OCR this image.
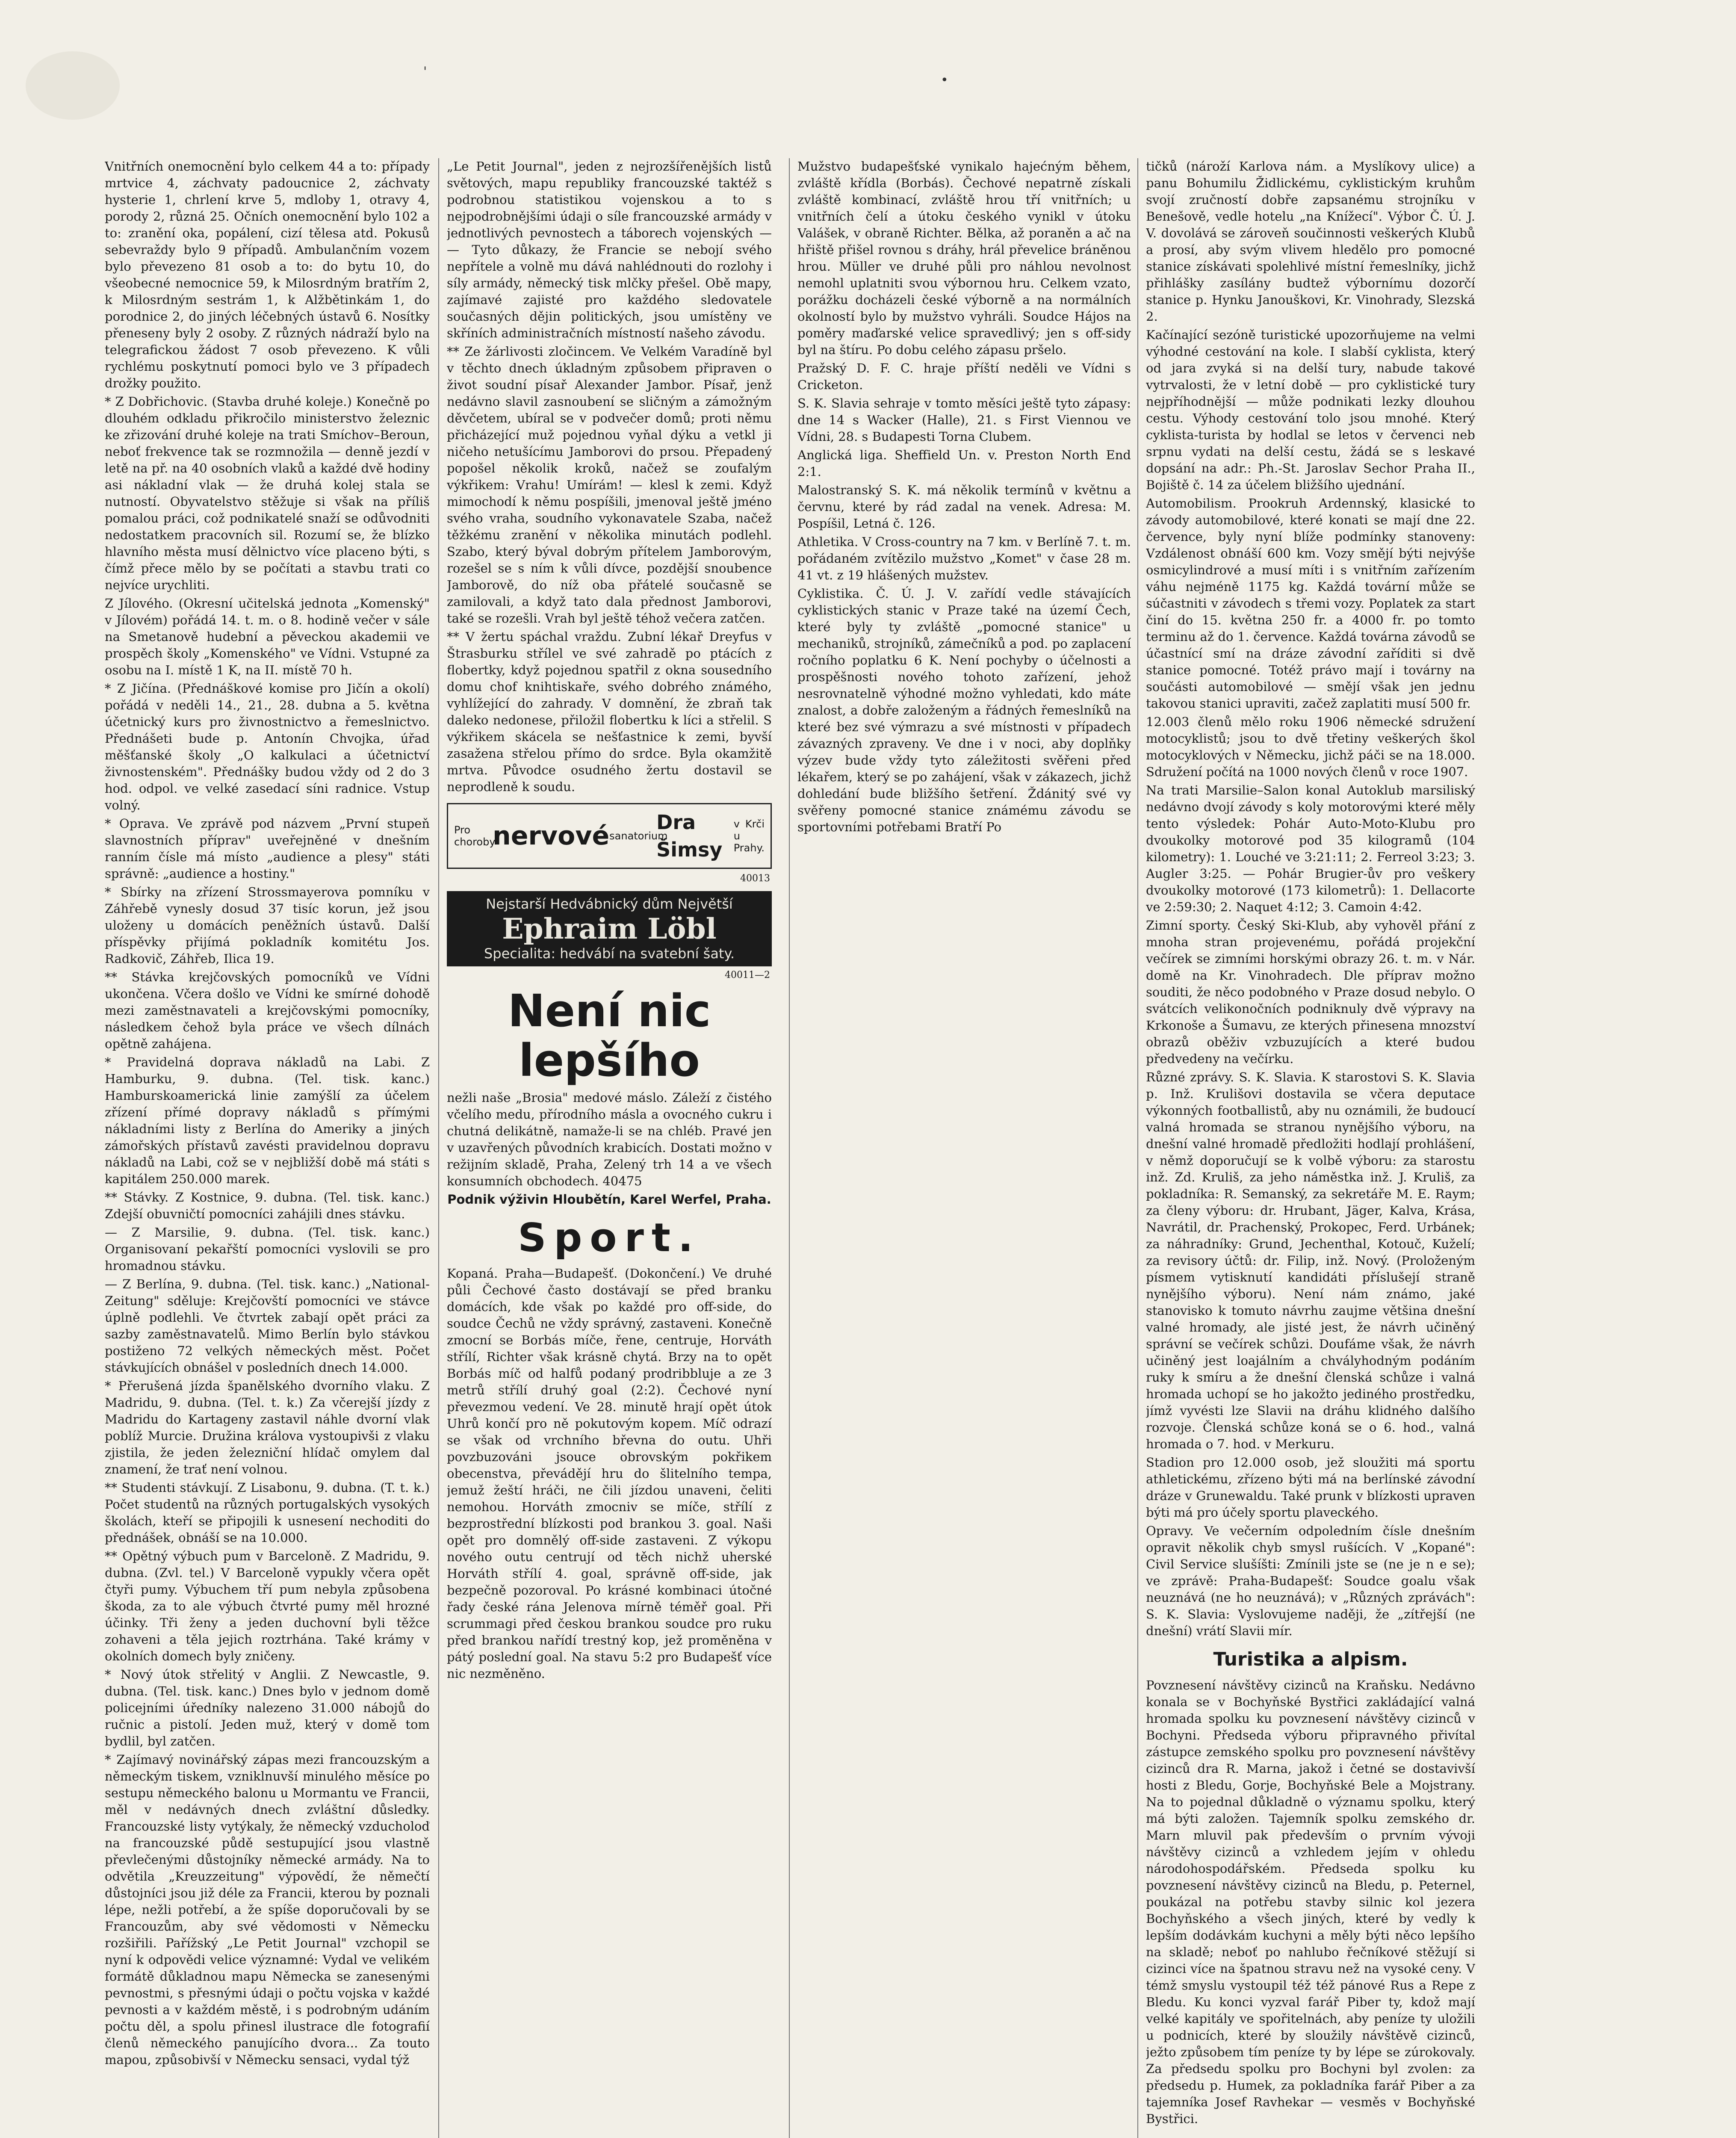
'
•

Vnitřních onemocnění bylo celkem 44 a to: případy mrtvice 4, záchvaty padoucnice 2, záchvaty hysterie 1, chrlení krve 5, mdloby 1, otravy 4, porody 2, různá 25. Očních onemocnění bylo 102 a to: zranění oka, popálení, cizí tělesa atd. Pokusů sebevraždy bylo 9 případů. Ambulančním vozem bylo převezeno 81 osob a to: do bytu 10, do všeobecné nemocnice 59, k Milosrdným bratřím 2, k Milosrdným sestrám 1, k Alžbětinkám 1, do porodnice 2, do jiných léčebných ústavů 6. Nosítky přeneseny byly 2 osoby. Z různých nádraží bylo na telegrafickou žádost 7 osob převezeno. K vůli rychlému poskytnutí pomoci bylo ve 3 případech drožky použito.

* Z Dobřichovic. (Stavba druhé koleje.) Konečně po dlouhém odkladu přikročilo ministerstvo železnic ke zřizování druhé koleje na trati Smíchov–Beroun, neboť frekvence tak se rozmnožila — denně jezdí v letě na př. na 40 osobních vlaků a každé dvě hodiny asi nákladní vlak — že druhá kolej stala se nutností. Obyvatelstvo stěžuje si však na příliš pomalou práci, což podnikatelé snaží se odůvodniti nedostatkem pracovních sil. Rozumí se, že blízko hlavního města musí dělnictvo více placeno býti, s čímž přece mělo by se počítati a stavbu trati co nejvíce urychliti.

Z Jílového. (Okresní učitelská jednota „Komenský" v Jílovém) pořádá 14. t. m. o 8. hodině večer v sále na Smetanově hudební a pěveckou akademii ve prospěch školy „Komenského" ve Vídni. Vstupné za osobu na I. místě 1 K, na II. místě 70 h.

* Z Jičína. (Přednáškové komise pro Jičín a okolí) pořádá v neděli 14., 21., 28. dubna a 5. května účetnický kurs pro živnostnictvo a řemeslnictvo. Přednášeti bude p. Antonín Chvojka, úřad měšťanské školy „O kalkulaci a účetnictví živnostenském". Přednášky budou vždy od 2 do 3 hod. odpol. ve velké zasedací síni radnice. Vstup volný.

* Oprava. Ve zprávě pod názvem „První stupeň slavnostních příprav" uveřejněné v dnešním ranním čísle má místo „audience a plesy" státi správně: „audience a hostiny."

* Sbírky na zřízení Strossmayerova pomníku v Záhřebě vynesly dosud 37 tisíc korun, jež jsou uloženy u domácích peněžních ústavů. Další příspěvky přijímá pokladník komitétu Jos. Radkovič, Záhřeb, Ilica 19.

** Stávka krejčovských pomocníků ve Vídni ukončena. Včera došlo ve Vídni ke smírné dohodě mezi zaměstnavateli a krejčovskými pomocníky, následkem čehož byla práce ve všech dílnách opětně zahájena.

* Pravidelná doprava nákladů na Labi. Z Hamburku, 9. dubna. (Tel. tisk. kanc.) Hamburskoamerická linie zamýšlí za účelem zřízení přímé dopravy nákladů s přímými nákladními listy z Berlína do Ameriky a jiných zámořských přístavů zavésti pravidelnou dopravu nákladů na Labi, což se v nejbližší době má státi s kapitálem 250.000 marek.

** Stávky. Z Kostnice, 9. dubna. (Tel. tisk. kanc.) Zdejší obuvničtí pomocníci zahájili dnes stávku.

— Z Marsilie, 9. dubna. (Tel. tisk. kanc.) Organisovaní pekařští pomocníci vyslovili se pro hromadnou stávku.

— Z Berlína, 9. dubna. (Tel. tisk. kanc.) „National-Zeitung" sděluje: Krejčovští pomocníci ve stávce úplně podlehli. Ve čtvrtek zabají opět práci za sazby zaměstnavatelů. Mimo Berlín bylo stávkou postiženo 72 velkých německých měst. Počet stávkujících obnášel v posledních dnech 14.000.

* Přerušená jízda španělského dvorního vlaku. Z Madridu, 9. dubna. (Tel. t. k.) Za včerejší jízdy z Madridu do Kartageny zastavil náhle dvorní vlak poblíž Murcie. Družina králova vystoupivši z vlaku zjistila, že jeden železniční hlídač omylem dal znamení, že trať není volnou.

** Studenti stávkují. Z Lisabonu, 9. dubna. (T. t. k.) Počet studentů na různých portugalských vysokých školách, kteří se připojili k usnesení nechoditi do přednášek, obnáší se na 10.000.

** Opětný výbuch pum v Barceloně. Z Madridu, 9. dubna. (Zvl. tel.) V Barceloně vypukly včera opět čtyři pumy. Výbuchem tří pum nebyla způsobena škoda, za to ale výbuch čtvrté pumy měl hrozné účinky. Tři ženy a jeden duchovní byli těžce zohaveni a těla jejich roztrhána. Také krámy v okolních domech byly zničeny.

* Nový útok střelitý v Anglii. Z Newcastle, 9. dubna. (Tel. tisk. kanc.) Dnes bylo v jednom domě policejními úředníky nalezeno 31.000 nábojů do ručnic a pistolí. Jeden muž, který v domě tom bydlil, byl zatčen.

* Zajímavý novinářský zápas mezi francouzským a německým tiskem, vzniklnuvší minulého měsíce po sestupu německého balonu u Mormantu ve Francii, měl v nedávných dnech zvláštní důsledky. Francouzské listy vytýkaly, že německý vzducholoď na francouzské půdě sestupující jsou vlastně převlečenými důstojníky německé armády. Na to odvětila „Kreuzzeitung" výpovědí, že němečtí důstojníci jsou již déle za Francii, kterou by poznali lépe, nežli potřebí, a že spíše doporučovali by se Francouzům, aby své vědomosti v Německu rozšiřili. Pařížský „Le Petit Journal" vzchopil se nyní k odpovědi velice významné: Vydal ve velikém formátě důkladnou mapu Německa se zanesenými pevnostmi, s přesnými údaji o počtu vojska v každé pevnosti a v každém městě, i s podrobným udáním počtu děl, a spolu přinesl ilustrace dle fotografií členů německého panujícího dvora... Za touto mapou, způsobivší v Německu sensaci, vydal týž

„Le Petit Journal", jeden z nejrozšířenějších listů světových, mapu republiky francouzské taktéž s podrobnou statistikou vojenskou a to s nejpodrobnějšími údaji o síle francouzské armády v jednotlivých pevnostech a táborech vojenských — — Tyto důkazy, že Francie se nebojí svého nepřítele a volně mu dává nahlédnouti do rozlohy i síly armády, německý tisk mlčky přešel. Obě mapy, zajímavé zajisté pro každého sledovatele současných dějin politických, jsou umístěny ve skříních administračních místností našeho závodu.

** Ze žárlivosti zločincem. Ve Velkém Varadíně byl v těchto dnech úkladným způsobem připraven o život soudní písař Alexander Jambor. Písař, jenž nedávno slavil zasnoubení se sličným a zámožným děvčetem, ubíral se v podvečer domů; proti němu přicházející muž pojednou vyňal dýku a vetkl ji ničeho netušícímu Jamborovi do prsou. Přepadený popošel několik kroků, načež se zoufalým výkřikem: Vrahu! Umírám! — klesl k zemi. Když mimochodí k němu pospíšili, jmenoval ještě jméno svého vraha, soudního vykonavatele Szaba, načež těžkému zranění v několika minutách podlehl. Szabo, který býval dobrým přítelem Jamborovým, rozešel se s ním k vůli dívce, pozdější snoubence Jamborově, do níž oba přátelé současně se zamilovali, a když tato dala přednost Jamborovi, také se rozešli. Vrah byl ještě téhož večera zatčen.

** V žertu spáchal vraždu. Zubní lékař Dreyfus v Štrasburku střílel ve své zahradě po ptácích z flobertky, když pojednou spatřil z okna sousedního domu chof knihtiskaře, svého dobrého známého, vyhlížející do zahrady. V domnění, že zbraň tak daleko nedonese, přiložil flobertku k líci a střelil. S výkřikem skácela se nešťastnice k zemi, byvší zasažena střelou přímo do srdce. Byla okamžitě mrtva. Původce osudného žertu dostavil se neprodleně k soudu.

Pro choroby
nervové sanatorium
Dra Šimsy
v Krči u Prahy.
40013
Nejstarší Hedvábnický dům Největší
Ephraim Löbl
Specialita: hedvábí na svatební šaty.
40011—2
Není nic lepšího

nežli naše „Brosia" medové máslo. Záleží z čistého včelího medu, přírodního másla a ovocného cukru i chutná delikátně, namaže-li se na chléb. Pravé jen v uzavřených původních krabicích. Dostati možno v režijním skladě, Praha, Zelený trh 14 a ve všech konsumních obchodech. 40475

Podnik výživin Hloubětín, Karel Werfel, Praha.

Sport.

Kopaná. Praha—Budapešť. (Dokončení.) Ve druhé půli Čechové často dostávají se před branku domácích, kde však po každé pro off-side, do soudce Čechů ne vždy správný, zastaveni. Konečně zmocní se Borbás míče, řene, centruje, Horváth střílí, Richter však krásně chytá. Brzy na to opět Borbás míč od halfů podaný prodribbluje a ze 3 metrů střílí druhý goal (2:2). Čechové nyní převezmou vedení. Ve 28. minutě hrají opět útok Uhrů končí pro ně pokutovým kopem. Míč odrazí se však od vrchního břevna do outu. Uhři povzbuzováni jsouce obrovským pokřikem obecenstva, převádějí hru do šlitelního tempa, jemuž žeští hráči, ne čili jízdou unaveni, čeliti nemohou. Horváth zmocniv se míče, střílí z bezprostřední blízkosti pod brankou 3. goal. Naši opět pro domnělý off-side zastaveni. Z výkopu nového outu centrují od těch nichž uherské Horváth střílí 4. goal, správně off-side, jak bezpečně pozoroval. Po krásné kombinaci útočné řady české rána Jelenova mírně téměř goal. Při scrummagi před českou brankou soudce pro ruku před brankou nařídí trestný kop, jež proměněna v pátý poslední goal. Na stavu 5:2 pro Budapešť více nic nezměněno.

Mužstvo budapešťské vynikalo hajećným během, zvláště křídla (Borbás). Čechové nepatrně získali zvláště kombinací, zvláště hrou tří vnitřních; u vnitřních čelí a útoku českého vynikl v útoku Valášek, v obraně Richter. Bělka, až poraněn a ač na hřiště přišel rovnou s dráhy, hrál převelice bráněnou hrou. Müller ve druhé půli pro náhlou nevolnost nemohl uplatniti svou výbornou hru. Celkem vzato, porážku docházeli české výborně a na normálních okolností bylo by mužstvo vyhráli. Soudce Hájos na poměry maďarské velice spravedlivý; jen s off-sidy byl na štíru. Po dobu celého zápasu pršelo.

Pražský D. F. C. hraje příští neděli ve Vídni s Cricketon.

S. K. Slavia sehraje v tomto měsíci ještě tyto zápasy: dne 14 s Wacker (Halle), 21. s First Viennou ve Vídni, 28. s Budapesti Torna Clubem.

Anglická liga. Sheffield Un. v. Preston North End 2:1.

Malostranský S. K. má několik termínů v květnu a červnu, které by rád zadal na venek. Adresa: M. Pospíšil, Letná č. 126.

Athletika. V Cross-country na 7 km. v Berlíně 7. t. m. pořádaném zvítězilo mužstvo „Komet" v čase 28 m. 41 vt. z 19 hlášených mužstev.

Cyklistika. Č. Ú. J. V. zařídí vedle stávajících cyklistických stanic v Praze také na území Čech, které byly ty zvláště „pomocné stanice" u mechaniků, strojníků, zámečníků a pod. po zaplacení ročního poplatku 6 K. Není pochyby o účelnosti a prospěšnosti nového tohoto zařízení, jehož nesrovnatelně výhodné možno vyhledati, kdo máte znalost, a dobře založeným a řádných řemeslníků na které bez své výmrazu a své místnosti v případech závazných zpraveny. Ve dne i v noci, aby doplňky výzev bude vždy tyto záležitosti svěřeni před lékařem, který se po zahájení, však v zákazech, jichž dohledání bude bližšího šetření. Ždánitý své vy svěřeny pomocné stanice známému závodu se sportovními potřebami Bratří Po

tičků (nároží Karlova nám. a Myslíkovy ulice) a panu Bohumilu Židlickému, cyklistickým kruhům svojí zručností dobře zapsanému strojníku v Benešově, vedle hotelu „na Knížecí". Výbor Č. Ú. J. V. dovolává se zároveň součinnosti veškerých Klubů a prosí, aby svým vlivem hledělo pro pomocné stanice získávati spolehlivé místní řemeslníky, jichž přihlášky zasílány budtež výbornímu dozorčí stanice p. Hynku Janouškovi, Kr. Vinohrady, Slezská 2.

Kačínající sezóně turistické upozorňujeme na velmi výhodné cestování na kole. I slabší cyklista, který od jara zvyká si na delší tury, nabude takové vytrvalosti, že v letní době — pro cyklistické tury nejpříhodnější — může podnikati lezky dlouhou cestu. Výhody cestování tolo jsou mnohé. Který cyklista-turista by hodlal se letos v červenci neb srpnu vydati na delší cestu, žádá se s leskavé dopsání na adr.: Ph.-St. Jaroslav Sechor Praha II., Bojiště č. 14 za účelem bližšího ujednání.

Automobilism. Prookruh Ardennský, klasické to závody automobilové, které konati se mají dne 22. července, byly nyní blíže podmínky stanoveny: Vzdálenost obnáší 600 km. Vozy smějí býti nejvýše osmicylindrové a musí míti i s vnitřním zařízením váhu nejméně 1175 kg. Každá tovární může se súčastniti v závodech s třemi vozy. Poplatek za start činí do 15. května 250 fr. a 4000 fr. po tomto terminu až do 1. července. Každá továrna závodů se účastnící smí na dráze závodní zaříditi si dvě stanice pomocné. Totéž právo mají i továrny na součásti automobilové — smějí však jen jednu takovou stanici upraviti, začež zaplatiti musí 500 fr.

12.003 členů mělo roku 1906 německé sdružení motocyklistů; jsou to dvě třetiny veškerých škol motocyklových v Německu, jichž páči se na 18.000. Sdružení počítá na 1000 nových členů v roce 1907.

Na trati Marsilie–Salon konal Autoklub marsiliský nedávno dvojí závody s koly motorovými které měly tento výsledek: Pohár Auto-Moto-Klubu pro dvoukolky motorové pod 35 kilogramů (104 kilometry): 1. Louché ve 3:21:11; 2. Ferreol 3:23; 3. Augler 3:25. — Pohár Brugier-ův pro veškery dvoukolky motorové (173 kilometrů): 1. Dellacorte ve 2:59:30; 2. Naquet 4:12; 3. Camoin 4:42.

Zimní sporty. Český Ski-Klub, aby vyhověl přání z mnoha stran projevenému, pořádá projekční večírek se zimními horskými obrazy 26. t. m. v Nár. domě na Kr. Vinohradech. Dle příprav možno souditi, že něco podobného v Praze dosud nebylo. O svátcích velikonočních podniknuly dvě výpravy na Krkonoše a Šumavu, ze kterých přinesena mnozství obrazů oběživ vzbuzujících a které budou předvedeny na večírku.

Různé zprávy. S. K. Slavia. K starostovi S. K. Slavia p. Inž. Krulišovi dostavila se včera deputace výkonných footballistů, aby nu oznámili, že budoucí valná hromada se stranou nynějšího výboru, na dnešní valné hromadě předložiti hodlají prohlášení, v němž doporučují se k volbě výboru: za starostu inž. Zd. Kruliš, za jeho náměstka inž. J. Kruliš, za pokladníka: R. Semanský, za sekretáře M. E. Raym; za členy výboru: dr. Hrubant, Jäger, Kalva, Krása, Navrátil, dr. Prachenský, Prokopec, Ferd. Urbánek; za náhradníky: Grund, Jechenthal, Kotouč, Kuželí; za revisory účtů: dr. Filip, inž. Nový. (Proloženým písmem vytisknutí kandidáti příslušejí straně nynějšího výboru). Není nám známo, jaké stanovisko k tomuto návrhu zaujme většina dnešní valné hromady, ale jisté jest, že návrh učiněný správní se večírek schůzi. Doufáme však, že návrh učiněný jest loajálním a chvályhodným podáním ruky k smíru a že dnešní členská schůze i valná hromada uchopí se ho jakožto jediného prostředku, jímž vyvésti lze Slavii na dráhu klidného dalšího rozvoje. Členská schůze koná se o 6. hod., valná hromada o 7. hod. v Merkuru.

Stadion pro 12.000 osob, jež sloužiti má sportu athletickému, zřízeno býti má na berlínské závodní dráze v Grunewaldu. Také prunk v blízkosti upraven býti má pro účely sportu plaveckého.

Opravy. Ve večerním odpoledním čísle dnešním opravit několik chyb smysl rušících. V „Kopané": Civil Service slušíšti: Zmínili jste se (ne je n e se); ve zprávě: Praha-Budapešť: Soudce goalu však neuznává (ne ho neuznává); v „Různých zprávách": S. K. Slavia: Vyslovujeme naději, že „zítřejší (ne dnešní) vrátí Slavii mír.

Turistika a alpism.

Povznesení návštěvy cizinců na Kraňsku. Nedávno konala se v Bochyňské Bystřici zakládající valná hromada spolku ku povznesení návštěvy cizinců v Bochyni. Předseda výboru připravného přivítal zástupce zemského spolku pro povznesení návštěvy cizinců dra R. Marna, jakož i četné se dostavivší hosti z Bledu, Gorje, Bochyňské Bele a Mojstrany. Na to pojednal důkladně o významu spolku, který má býti založen. Tajemník spolku zemského dr. Marn mluvil pak především o prvním vývoji návštěvy cizinců a vzhledem jejím v ohledu národohospodářském. Předseda spolku ku povznesení návštěvy cizinců na Bledu, p. Peternel, poukázal na potřebu stavby silnic kol jezera Bochyňského a všech jiných, které by vedly k lepším dodávkám kuchyni a měly býti něco lepšího na skladě; neboť po nahlubo řečníkové stěžují si cizinci více na špatnou stravu než na vysoké ceny. V témž smyslu vystoupil též též pánové Rus a Repe z Bledu. Ku konci vyzval farář Piber ty, kdož mají velké kapitály ve spořitelnách, aby peníze ty uložili u podnicích, které by sloužily návštěvě cizinců, ježto způsobem tím peníze ty by lépe se zúrokovaly. Za předsedu spolku pro Bochyni byl zvolen: za předsedu p. Humek, za pokladníka farář Piber a za tajemníka Josef Ravhekar — vesměs v Bochyňské Bystřici.
